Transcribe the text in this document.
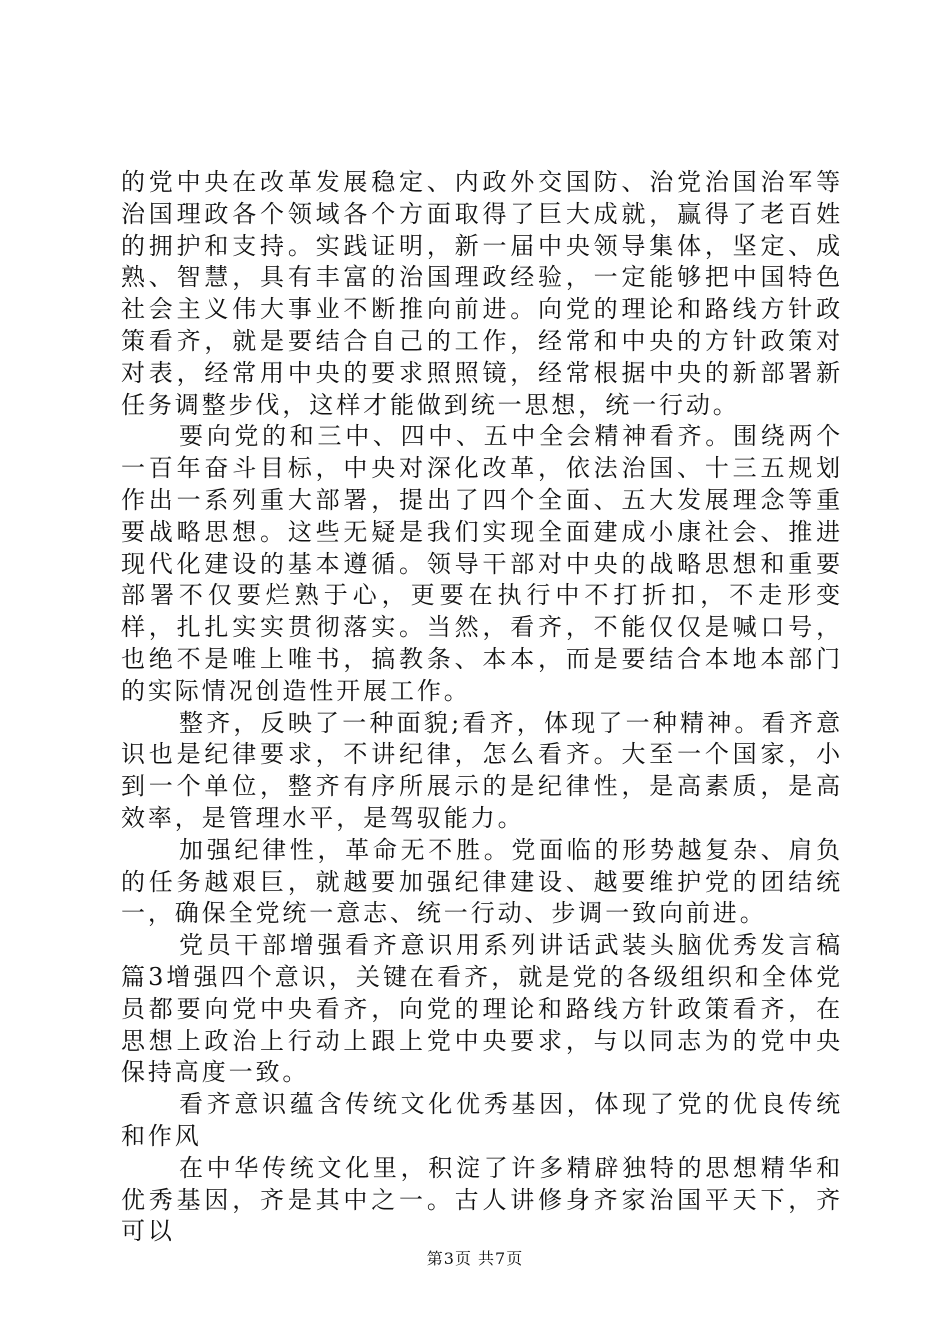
的党中央在改革发展稳定、内政外交国防、治党治国治军等治国理政各个领域各个方面取得了巨大成就，赢得了老百姓的拥护和支持。实践证明，新一届中央领导集体，坚定、成熟、智慧，具有丰富的治国理政经验，一定能够把中国特色社会主义伟大事业不断推向前进。向党的理论和路线方针政策看齐，就是要结合自己的工作，经常和中央的方针政策对对表，经常用中央的要求照照镜，经常根据中央的新部署新任务调整步伐，这样才能做到统一思想，统一行动。

要向党的和三中、四中、五中全会精神看齐。围绕两个一百年奋斗目标，中央对深化改革，依法治国、十三五规划作出一系列重大部署，提出了四个全面、五大发展理念等重要战略思想。这些无疑是我们实现全面建成小康社会、推进现代化建设的基本遵循。领导干部对中央的战略思想和重要部署不仅要烂熟于心，更要在执行中不打折扣，不走形变样，扎扎实实贯彻落实。当然，看齐，不能仅仅是喊口号，也绝不是唯上唯书，搞教条、本本，而是要结合本地本部门的实际情况创造性开展工作。

整齐，反映了一种面貌;看齐，体现了一种精神。看齐意识也是纪律要求，不讲纪律，怎么看齐。大至一个国家，小到一个单位，整齐有序所展示的是纪律性，是高素质，是高效率，是管理水平，是驾驭能力。

加强纪律性，革命无不胜。党面临的形势越复杂、肩负的任务越艰巨，就越要加强纪律建设、越要维护党的团结统一，确保全党统一意志、统一行动、步调一致向前进。

党员干部增强看齐意识用系列讲话武装头脑优秀发言稿篇3增强四个意识，关键在看齐，就是党的各级组织和全体党员都要向党中央看齐，向党的理论和路线方针政策看齐，在思想上政治上行动上跟上党中央要求，与以同志为的党中央保持高度一致。

看齐意识蕴含传统文化优秀基因，体现了党的优良传统和作风

在中华传统文化里，积淀了许多精辟独特的思想精华和优秀基因，齐是其中之一。古人讲修身齐家治国平天下，齐可以

第3页 共7页
